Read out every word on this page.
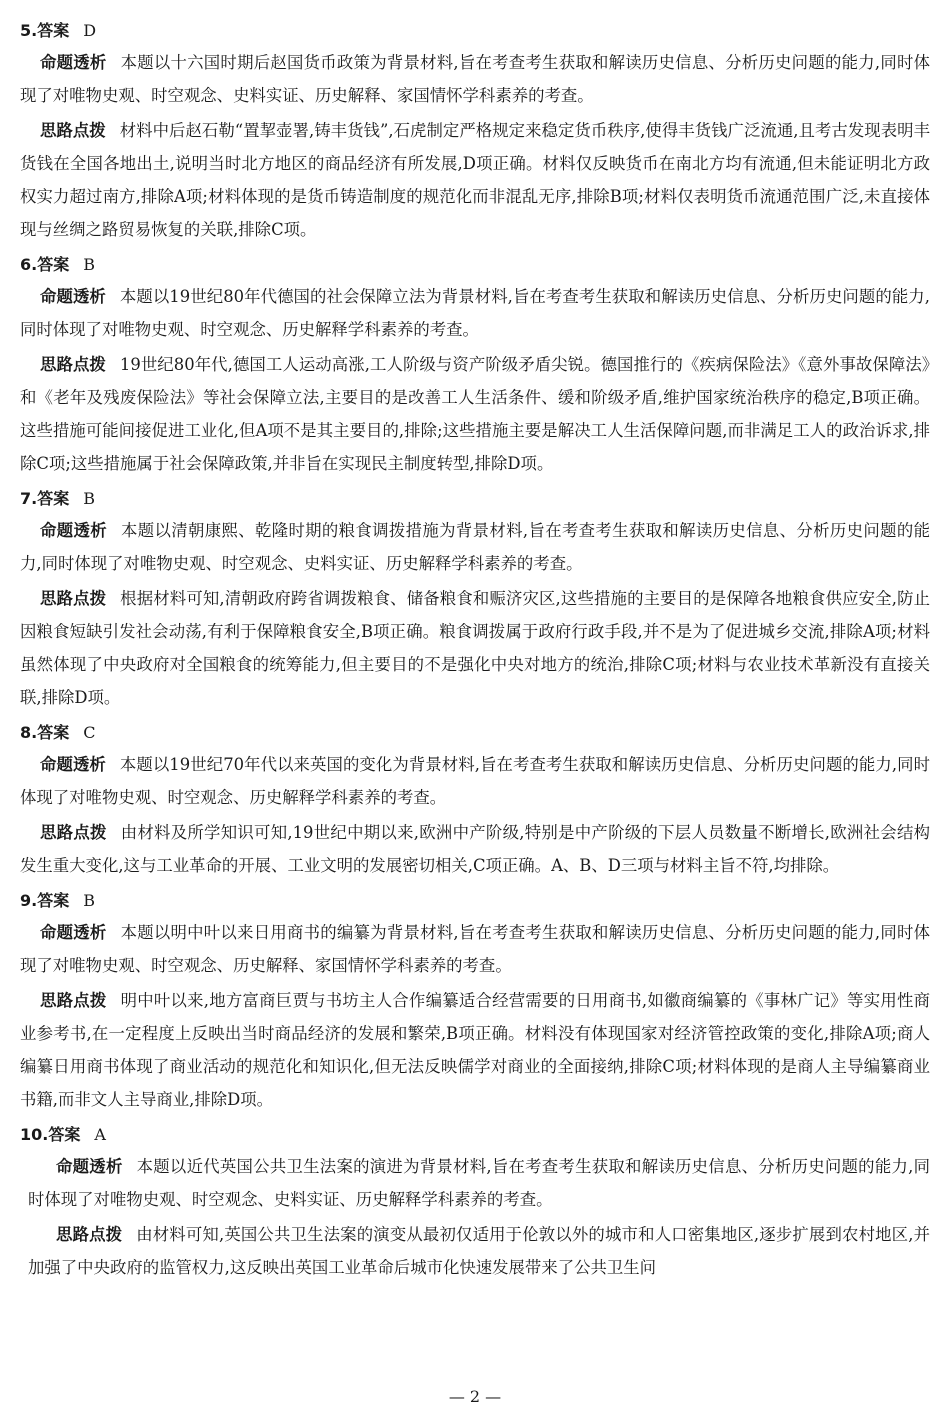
5.答案 D

命题透析 本题以十六国时期后赵国货币政策为背景材料,旨在考查考生获取和解读历史信息、分析历史问题的能力,同时体现了对唯物史观、时空观念、史料实证、历史解释、家国情怀学科素养的考查。

思路点拨 材料中后赵石勒“置挈壶署,铸丰货钱”,石虎制定严格规定来稳定货币秩序,使得丰货钱广泛流通,且考古发现表明丰货钱在全国各地出土,说明当时北方地区的商品经济有所发展,D项正确。材料仅反映货币在南北方均有流通,但未能证明北方政权实力超过南方,排除A项;材料体现的是货币铸造制度的规范化而非混乱无序,排除B项;材料仅表明货币流通范围广泛,未直接体现与丝绸之路贸易恢复的关联,排除C项。

6.答案 B

命题透析 本题以19世纪80年代德国的社会保障立法为背景材料,旨在考查考生获取和解读历史信息、分析历史问题的能力,同时体现了对唯物史观、时空观念、历史解释学科素养的考查。

思路点拨 19世纪80年代,德国工人运动高涨,工人阶级与资产阶级矛盾尖锐。德国推行的《疾病保险法》《意外事故保障法》和《老年及残废保险法》等社会保障立法,主要目的是改善工人生活条件、缓和阶级矛盾,维护国家统治秩序的稳定,B项正确。这些措施可能间接促进工业化,但A项不是其主要目的,排除;这些措施主要是解决工人生活保障问题,而非满足工人的政治诉求,排除C项;这些措施属于社会保障政策,并非旨在实现民主制度转型,排除D项。

7.答案 B

命题透析 本题以清朝康熙、乾隆时期的粮食调拨措施为背景材料,旨在考查考生获取和解读历史信息、分析历史问题的能力,同时体现了对唯物史观、时空观念、史料实证、历史解释学科素养的考查。

思路点拨 根据材料可知,清朝政府跨省调拨粮食、储备粮食和赈济灾区,这些措施的主要目的是保障各地粮食供应安全,防止因粮食短缺引发社会动荡,有利于保障粮食安全,B项正确。粮食调拨属于政府行政手段,并不是为了促进城乡交流,排除A项;材料虽然体现了中央政府对全国粮食的统筹能力,但主要目的不是强化中央对地方的统治,排除C项;材料与农业技术革新没有直接关联,排除D项。

8.答案 C

命题透析 本题以19世纪70年代以来英国的变化为背景材料,旨在考查考生获取和解读历史信息、分析历史问题的能力,同时体现了对唯物史观、时空观念、历史解释学科素养的考查。

思路点拨 由材料及所学知识可知,19世纪中期以来,欧洲中产阶级,特别是中产阶级的下层人员数量不断增长,欧洲社会结构发生重大变化,这与工业革命的开展、工业文明的发展密切相关,C项正确。A、B、D三项与材料主旨不符,均排除。

9.答案 B

命题透析 本题以明中叶以来日用商书的编纂为背景材料,旨在考查考生获取和解读历史信息、分析历史问题的能力,同时体现了对唯物史观、时空观念、历史解释、家国情怀学科素养的考查。

思路点拨 明中叶以来,地方富商巨贾与书坊主人合作编纂适合经营需要的日用商书,如徽商编纂的《事林广记》等实用性商业参考书,在一定程度上反映出当时商品经济的发展和繁荣,B项正确。材料没有体现国家对经济管控政策的变化,排除A项;商人编纂日用商书体现了商业活动的规范化和知识化,但无法反映儒学对商业的全面接纳,排除C项;材料体现的是商人主导编纂商业书籍,而非文人主导商业,排除D项。

10.答案 A

命题透析 本题以近代英国公共卫生法案的演进为背景材料,旨在考查考生获取和解读历史信息、分析历史问题的能力,同时体现了对唯物史观、时空观念、史料实证、历史解释学科素养的考查。

思路点拨 由材料可知,英国公共卫生法案的演变从最初仅适用于伦敦以外的城市和人口密集地区,逐步扩展到农村地区,并加强了中央政府的监管权力,这反映出英国工业革命后城市化快速发展带来了公共卫生问

— 2 —
